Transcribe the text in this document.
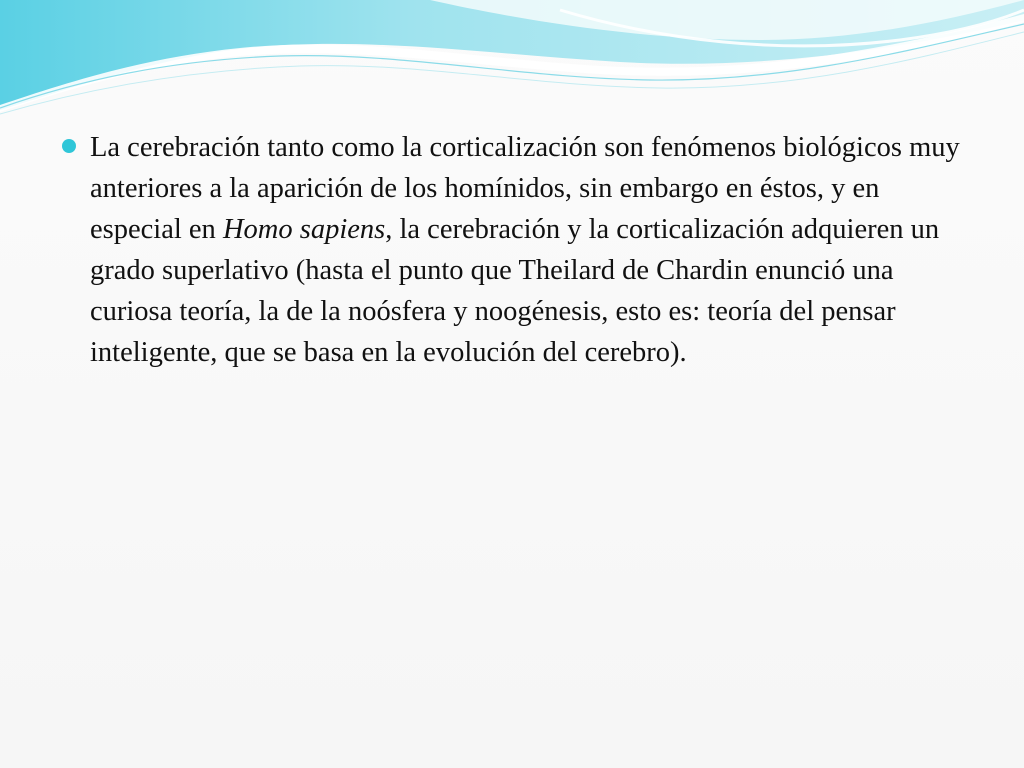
La cerebración tanto como la corticalización son fenómenos biológicos muy anteriores a la aparición de los homínidos, sin embargo en éstos, y en especial en Homo sapiens, la cerebración y la corticalización adquieren un grado superlativo (hasta el punto que Theilard de Chardin enunció una curiosa teoría, la de la noósfera y noogénesis, esto es: teoría del pensar inteligente, que se basa en la evolución del cerebro).
